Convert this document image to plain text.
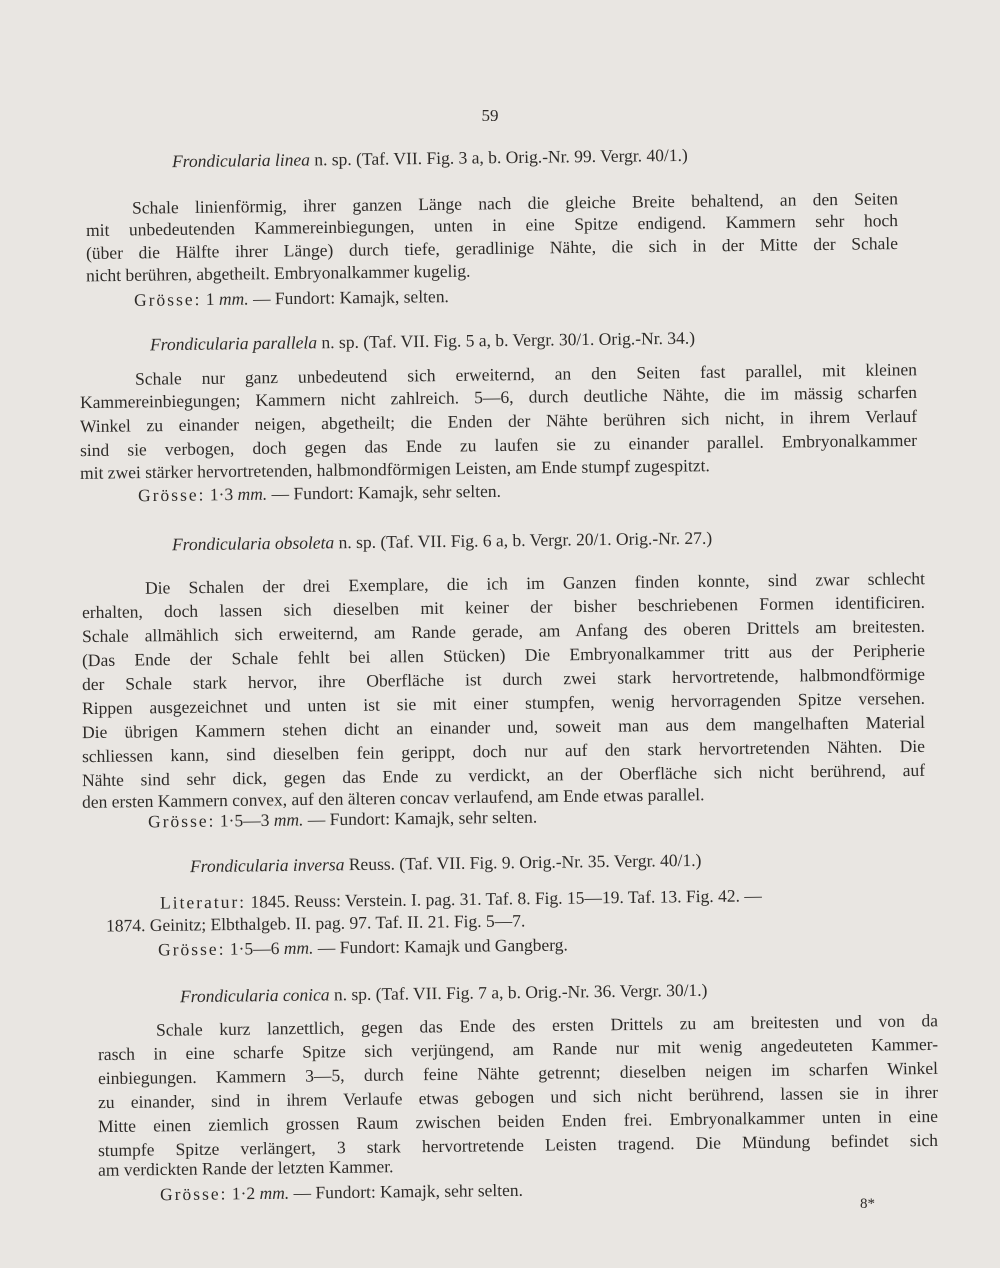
59
Frondicularia linea n. sp. (Taf. VII. Fig. 3 a, b. Orig.-Nr. 99. Vergr. 40/1.)
Schale linienförmig, ihrer ganzen Länge nach die gleiche Breite behaltend, an den Seiten
mit unbedeutenden Kammereinbiegungen, unten in eine Spitze endigend. Kammern sehr hoch
(über die Hälfte ihrer Länge) durch tiefe, geradlinige Nähte, die sich in der Mitte der Schale
nicht berühren, abgetheilt. Embryonalkammer kugelig.
Grösse: 1 mm. — Fundort: Kamajk, selten.
Frondicularia parallela n. sp. (Taf. VII. Fig. 5 a, b. Vergr. 30/1. Orig.-Nr. 34.)
Schale nur ganz unbedeutend sich erweiternd, an den Seiten fast parallel, mit kleinen
Kammereinbiegungen; Kammern nicht zahlreich. 5—6, durch deutliche Nähte, die im mässig scharfen
Winkel zu einander neigen, abgetheilt; die Enden der Nähte berühren sich nicht, in ihrem Verlauf
sind sie verbogen, doch gegen das Ende zu laufen sie zu einander parallel. Embryonalkammer
mit zwei stärker hervortretenden, halbmondförmigen Leisten, am Ende stumpf zugespitzt.
Grösse: 1·3 mm. — Fundort: Kamajk, sehr selten.
Frondicularia obsoleta n. sp. (Taf. VII. Fig. 6 a, b. Vergr. 20/1. Orig.-Nr. 27.)
Die Schalen der drei Exemplare, die ich im Ganzen finden konnte, sind zwar schlecht
erhalten, doch lassen sich dieselben mit keiner der bisher beschriebenen Formen identificiren.
Schale allmählich sich erweiternd, am Rande gerade, am Anfang des oberen Drittels am breitesten.
(Das Ende der Schale fehlt bei allen Stücken) Die Embryonalkammer tritt aus der Peripherie
der Schale stark hervor, ihre Oberfläche ist durch zwei stark hervortretende, halbmondförmige
Rippen ausgezeichnet und unten ist sie mit einer stumpfen, wenig hervorragenden Spitze versehen.
Die übrigen Kammern stehen dicht an einander und, soweit man aus dem mangelhaften Material
schliessen kann, sind dieselben fein gerippt, doch nur auf den stark hervortretenden Nähten. Die
Nähte sind sehr dick, gegen das Ende zu verdickt, an der Oberfläche sich nicht berührend, auf
den ersten Kammern convex, auf den älteren concav verlaufend, am Ende etwas parallel.
Grösse: 1·5—3 mm. — Fundort: Kamajk, sehr selten.
Frondicularia inversa Reuss. (Taf. VII. Fig. 9. Orig.-Nr. 35. Vergr. 40/1.)
Literatur: 1845. Reuss: Verstein. I. pag. 31. Taf. 8. Fig. 15—19. Taf. 13. Fig. 42. —
1874. Geinitz; Elbthalgeb. II. pag. 97. Taf. II. 21. Fig. 5—7.
Grösse: 1·5—6 mm. — Fundort: Kamajk und Gangberg.
Frondicularia conica n. sp. (Taf. VII. Fig. 7 a, b. Orig.-Nr. 36. Vergr. 30/1.)
Schale kurz lanzettlich, gegen das Ende des ersten Drittels zu am breitesten und von da
rasch in eine scharfe Spitze sich verjüngend, am Rande nur mit wenig angedeuteten Kammer-
einbiegungen. Kammern 3—5, durch feine Nähte getrennt; dieselben neigen im scharfen Winkel
zu einander, sind in ihrem Verlaufe etwas gebogen und sich nicht berührend, lassen sie in ihrer
Mitte einen ziemlich grossen Raum zwischen beiden Enden frei. Embryonalkammer unten in eine
stumpfe Spitze verlängert, 3 stark hervortretende Leisten tragend. Die Mündung befindet sich
am verdickten Rande der letzten Kammer.
Grösse: 1·2 mm. — Fundort: Kamajk, sehr selten.
8*
